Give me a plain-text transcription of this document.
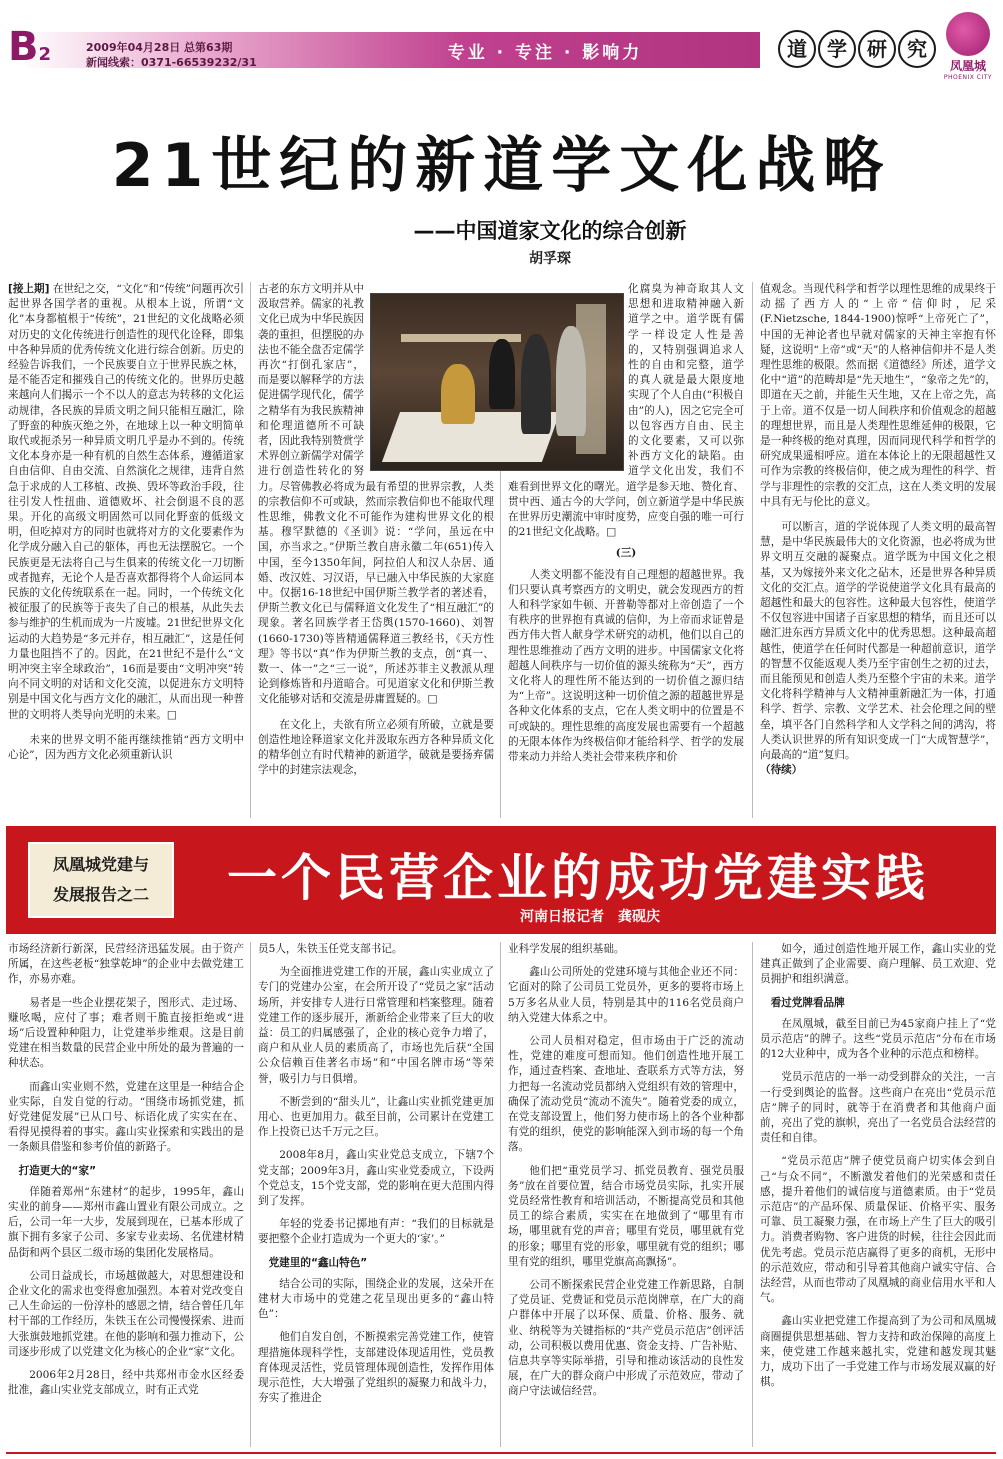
B2	2009年04月28日 总第63期
新闻线索：0371-66539232/31	专业 · 专注 · 影响力	道	学	研	究
凤凰城
PHOENIX CITY
21世纪的新道学文化战略
——中国道家文化的综合创新
胡孚琛

[接上期] 在世纪之交，“文化”和“传统”问题再次引起世界各国学者的重视。从根本上说，所谓“文化”本身都植根于“传统”，21世纪的文化战略必须对历史的文化传统进行创造性的现代化诠释，即集中各种异质的优秀传统文化进行综合创新。历史的经验告诉我们，一个民族要自立于世界民族之林，是不能否定和摧残自己的传统文化的。世界历史越来越向人们揭示一个不以人的意志为转移的文化运动规律，各民族的异质文明之间只能相互融汇，除了野蛮的种族灭绝之外，在地球上以一种文明简单取代或扼杀另一种异质文明几乎是办不到的。传统文化本身亦是一种有机的自然生态体系，遵循道家自由信仰、自由交流、自然演化之规律，违背自然急于求成的人工移植、改换、毁坏等政治手段，往往引发人性扭曲、道德败坏、社会倒退不良的恶果。开化的高级文明固然可以同化野蛮的低级文明，但吃掉对方的同时也就将对方的文化要素作为化学成分融入自己的躯体，再也无法摆脱它。一个民族更是无法将自己与生俱来的传统文化一刀切断或者抛弃，无论个人是否喜欢都得将个人命运同本民族的文化传统联系在一起。同时，一个传统文化被征服了的民族等于丧失了自己的根基，从此失去参与维护的生机而成为一片废墟。21世纪世界文化运动的大趋势是“多元并存，相互融汇”，这是任何力量也阻挡不了的。因此，在21世纪不是什么“文明冲突主宰全球政治”，16而是要由“文明冲突”转向不同文明的对话和文化交流，以促进东方文明特别是中国文化与西方文化的融汇，从而出现一种普世的文明将人类导向光明的未来。□

未来的世界文明不能再继续推销“西方文明中心论”，因为西方文化必须重新认识

古老的东方文明并从中汲取营养。儒家的礼教文化已成为中华民族因袭的重担，但摆脱的办法也不能全盘否定儒学再次“打倒孔家店”，而是要以解释学的方法促进儒学现代化，儒学之精华有为我民族精神和伦理道德所不可缺者，因此我特别赞赏学术界创立新儒学对儒学进行创造性转化的努力。尽管佛教必将成为最有希望的世界宗教，人类的宗教信仰不可或缺，然而宗教信仰也不能取代理性思维，佛教文化不可能作为建构世界文化的根基。穆罕默德的《圣训》说：“学问，虽远在中国，亦当求之。”伊斯兰教自唐永徽二年(651)传入中国，至今1350年间，阿拉伯人和汉人杂居、通婚、改汉姓、习汉语，早已融入中华民族的大家庭中。仅据16-18世纪中国伊斯兰教学者的著述看，伊斯兰教文化已与儒释道文化发生了“相互融汇”的现象。著名回族学者王岱舆(1570-1660)、刘智(1660-1730)等皆精通儒释道三教经书，《天方性理》等书以“真”作为伊斯兰教的支点，创“真一、数一、体一”之“三一说”，所述苏菲主义教派从理论到修炼皆和丹道暗合。可见道家文化和伊斯兰教文化能够对话和交流是毋庸置疑的。□

在文化上，夫欲有所立必须有所破，立就是要创造性地诠释道家文化并汲取东西方各种异质文化的精华创立有时代精神的新道学，破就是要扬弃儒学中的封建宗法观念，

化腐臭为神奇取其人文思想和进取精神融入新道学之中。道学既有儒学一样设定人性是善的，又特别强调追求人性的自由和完整，道学的真人就是最大限度地实现了个人自由(“积极自由”的人)，因之它完全可以包容西方自由、民主的文化要素，又可以弥补西方文化的缺陷。由道学文化出发，我们不难看到世界文化的曙光。道学是参天地、赞化育、贯中西、通古今的大学问，创立新道学是中华民族在世界历史潮流中审时度势，应变自强的唯一可行的21世纪文化战略。□

(三)

人类文明都不能没有自己理想的超越世界。我们只要认真考察西方的文明史，就会发现西方的哲人和科学家如牛顿、开普勒等都对上帝创造了一个有秩序的世界抱有真诚的信仰，为上帝而求证曾是西方伟大哲人献身学术研究的动机，他们以自己的理性思维推动了西方文明的进步。中国儒家文化将超越人间秩序与一切价值的源头统称为“天”，西方文化将人的理性所不能达到的一切价值之源归结为“上帝”。这说明这种一切价值之源的超越世界是各种文化体系的支点，它在人类文明中的位置是不可或缺的。理性思维的高度发展也需要有一个超越的无限本体作为终极信仰才能给科学、哲学的发展带来动力并给人类社会带来秩序和价

值观念。当现代科学和哲学以理性思维的成果终于动摇了西方人的“上帝”信仰时，尼采(F.Nietzsche, 1844-1900)惊呼“上帝死亡了”，中国的无神论者也早就对儒家的天神主宰抱有怀疑，这说明“上帝”或“天”的人格神信仰并不是人类理性思维的极限。然而据《道德经》所述，道学文化中“道”的范畴却是“先天地生”，“象帝之先”的，即道在天之前，并能生天生地，又在上帝之先，高于上帝。道不仅是一切人间秩序和价值观念的超越的理想世界，而且是人类理性思维延伸的极限，它是一种终极的绝对真理，因而同现代科学和哲学的研究成果遥相呼应。道在本体论上的无限超越性又可作为宗教的终极信仰，使之成为理性的科学、哲学与非理性的宗教的交汇点，这在人类文明的发展中具有无与伦比的意义。

可以断言，道的学说体现了人类文明的最高智慧，是中华民族最伟大的文化资源，也必将成为世界文明互交融的凝聚点。道学既为中国文化之根基，又为嫁接外来文化之砧木，还是世界各种异质文化的交汇点。道学的学说使道学文化具有最高的超越性和最大的包容性。这种最大包容性，使道学不仅包容进中国诸子百家思想的精华，而且还可以融汇进东西方异质文化中的优秀思想。这种最高超越性，使道学在任何时代都是一种超前意识，道学的智慧不仅能返观人类乃至宇宙创生之初的过去，而且能预见和创造人类乃至整个宇宙的未来。道学文化将科学精神与人文精神重新融汇为一体，打通科学、哲学、宗教、文学艺术、社会伦理之间的壁垒，填平各门自然科学和人文学科之间的鸿沟，将人类认识世界的所有知识变成一门“大成智慧学”，向最高的“道”复归。

（待续）

凤凰城党建与
发展报告之二	一个民营企业的成功党建实践
河南日报记者　龚砚庆

市场经济新行新深，民营经济迅猛发展。由于资产所属，在这些老板“独掌乾坤”的企业中去做党建工作，亦易亦难。

易者是一些企业摆花架子，图形式、走过场、赚吆喝，应付了事；难者则干脆直接拒绝或“进场”后设置种种阻力，让党建举步维艰。这是目前党建在相当数量的民营企业中所处的最为普遍的一种状态。

而鑫山实业则不然，党建在这里是一种结合企业实际，自发自觉的行动。“围绕市场抓党建，抓好党建促发展”已从口号、标语化成了实实在在、看得见摸得着的事实。鑫山实业探索和实践出的是一条颇具借鉴和参考价值的新路子。

打造更大的“家”

佯随着郑州“东建材”的起步，1995年，鑫山实业的前身——郑州市鑫山置业有限公司成立。之后，公司一年一大步，发展到现在，已基本形成了旗下拥有多家子公司、多家专业卖场、名优建材精品街和两个县区二级市场的集团化发展格局。

公司日益成长，市场越做越大，对思想建设和企业文化的需求也变得愈加强烈。本着对党改变自己人生命运的一份淳朴的感恩之情，结合曾任几年村干部的工作经历，朱铁玉在公司慢慢探索、进而大张旗鼓地抓党建。在他的影响和强力推动下，公司逐步形成了以党建文化为核心的企业“家”文化。

2006年2月28日，经中共郑州市金水区经委批准，鑫山实业党支部成立，时有正式党

员5人，朱铁玉任党支部书记。

为全面推进党建工作的开展，鑫山实业成立了专门的党建办公室，在会所开设了“党员之家”活动场所，并安排专人进行日常管理和档案整理。随着党建工作的逐步展开，淅新给企业带来了巨大的收益：员工的归属感强了，企业的核心竞争力增了，商户和从业人员的素质高了，市场也先后获“全国公众信赖百佳著名市场”和“中国名牌市场”等荣誉，吸引力与日俱增。

不断尝到的“甜头儿”，让鑫山实业抓党建更加用心、也更加用力。截至目前，公司累计在党建工作上投资已达千万元之巨。

2008年8月，鑫山实业党总支成立，下辖7个党支部；2009年3月，鑫山实业党委成立，下设两个党总支，15个党支部，党的影响在更大范围内得到了发挥。

年轻的党委书记掷地有声：“我们的目标就是要把整个企业打造成为一个更大的‘家’。”

党建里的“鑫山特色”

结合公司的实际，围绕企业的发展，这朵开在建材大市场中的党建之花呈现出更多的“鑫山特色”：

他们自发自创，不断摸索完善党建工作，使管理措施体现科学性，支部建设体现适用性，党员教育体现灵活性，党员管理体现创造性，发挥作用体现示范性，大大增强了党组织的凝聚力和战斗力，夯实了推进企

业科学发展的组织基础。

鑫山公司所处的党建环境与其他企业还不同：它面对的除了公司员工党员外，更多的要将市场上5万多名从业人员，特别是其中的116名党员商户纳入党建大体系之中。

公司人员相对稳定，但市场由于广泛的流动性，党建的难度可想而知。他们创造性地开展工作，通过查档案、查地址、查联系方式等方法，努力把每一名流动党员都纳入党组织有效的管理中，确保了流动党员“流动不流失”。随着党委的成立，在党支部设置上，他们努力使市场上的各个业种都有党的组织，使党的影响能深入到市场的每一个角落。

他们把“重党员学习、抓党员教育、强党员服务”放在首要位置，结合市场党员实际，扎实开展党员经常性教育和培训活动，不断提高党员和其他员工的综合素质，实实在在地做到了“哪里有市场，哪里就有党的声音；哪里有党员，哪里就有党的形象；哪里有党的形象，哪里就有党的组织；哪里有党的组织，哪里党旗高高飘扬”。

公司不断探索民营企业党建工作新思路，自制了党员证、党费证和党员示范岗牌章，在广大的商户群体中开展了以环保、质量、价格、服务、就业、纳税等为关键指标的“共产党员示范店”创评活动，公司积极以费用优惠、资金支持、广告补贴、信息共享等实际举措，引导和推动该活动的良性发展，在广大的群众商户中形成了示范效应，带动了商户守法诚信经营。

如今，通过创造性地开展工作，鑫山实业的党建真正做到了企业需要、商户理解、员工欢迎、党员拥护和组织满意。

看过党牌看品牌

在凤凰城，截至目前已为45家商户挂上了“党员示范店”的牌子。这些“党员示范店”分布在市场的12大业种中，成为各个业种的示范点和榜样。

党员示范店的一举一动受到群众的关注，一言一行受到舆论的监督。这些商户在亮出“党员示范店”牌子的同时，就等于在消费者和其他商户面前，亮出了党的旗帜，亮出了一名党员合法经营的责任和自律。

“党员示范店”牌子使党员商户切实体会到自己“与众不同”，不断激发着他们的光荣感和责任感，提升着他们的诚信度与道德素质。由于“党员示范店”的产品环保、质量保证、价格平实、服务可靠、员工凝聚力强，在市场上产生了巨大的吸引力。消费者购物、客户进货的时候，往往会因此而优先考虑。党员示范店赢得了更多的商机，无形中的示范效应，带动和引导着其他商户诚实守信、合法经营，从而也带动了凤凰城的商业信用水平和人气。

鑫山实业把党建工作提高到了为公司和凤凰城商圈提供思想基础、智力支持和政治保障的高度上来，使党建工作越来越扎实，党建和越发现其魅力，成功下出了一手党建工作与市场发展双赢的好棋。
